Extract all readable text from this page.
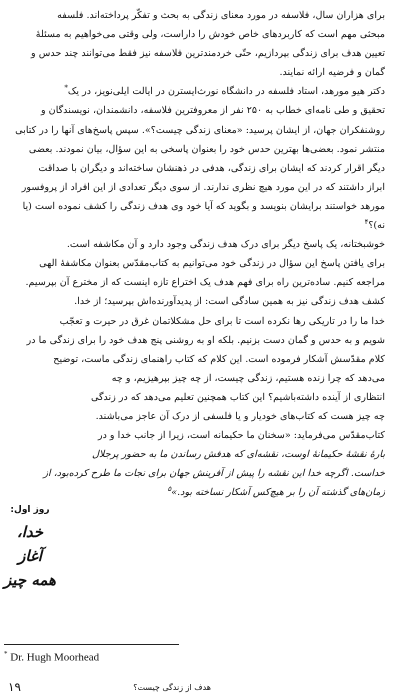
برای هزاران سال، فلاسفه در مورد معنای زندگی به بحث و تفکّر پرداخته‌اند. فلسفه
مبحثی مهم است که کاربردهای خاص خودش را داراست، ولی وقتی می‌خواهیم به مسئلهٔ
تعیین هدف برای زندگی بپردازیم، حتّی خردمندترین فلاسفه نیز فقط می‌توانند چند حدس و
گمان و فرضیه ارائه نمایند.

دکتر هیو مورهد، استاد فلسفه در دانشگاه نورث‌ایسترن در ایالت ایلی‌نویز، در یک*
تحقیق و طی نامه‌ای خطاب به ۲۵۰ نفر از معروفترین فلاسفه، دانشمندان، نویسندگان و
روشنفکران جهان، از ایشان پرسید: «معنای زندگی چیست؟». سپس پاسخ‌های آنها را در کتابی
منتشر نمود. بعضی‌ها بهترین حدس خود را بعنوان پاسخی به این سؤال، بیان نمودند. بعضی
دیگر اقرار کردند که ایشان برای زندگی، هدفی در ذهنشان ساخته‌اند و دیگران با صداقت
ابراز داشتند که در این مورد هیچ نظری ندارند. از سوی دیگر تعدادی از این افراد از پروفسور
مورهد خواستند برایشان بنویسد و بگوید که آیا خود وی هدف زندگی را کشف نموده است (یا
نه)؟$^۴$

خوشبختانه، یک پاسخ دیگر برای درک هدف زندگی وجود دارد و آن مکاشفه است.
برای یافتن پاسخ این سؤال در زندگی خود می‌توانیم به کتاب‌مقدّس بعنوان مکاشفهٔ الهی
مراجعه کنیم. ساده‌ترین راه برای فهم هدف یک اختراع تازه اینست که از مخترع آن بپرسیم.
کشف هدف زندگی نیز به همین سادگی است: از پدیدآورنده‌اش بپرسید؛ از خدا.

خدا ما را در تاریکی رها نکرده است تا برای حل مشکلاتمان غرق در حیرت و تعجّب
شویم و به حدس و گمان دست بزنیم. بلکه او به روشنی پنج هدف خود را برای زندگی ما در
کلام مقدّسش آشکار فرموده است. این کلام که کتاب راهنمای زندگی ماست، توضیح
می‌دهد که چرا زنده هستیم، زندگی چیست، از چه چیز بپرهیزیم، و چه
انتظاری از آینده داشته‌باشیم؟ این کتاب همچنین تعلیم می‌دهد که در زندگی
چه چیز هست که کتاب‌های خودیار و یا فلسفی از درک آن عاجز می‌باشند.
کتاب‌مقدّس می‌فرماید: «سخنان ما حکیمانه است، زیرا از جانب خدا و در
بارهٔ نقشهٔ حکیمانهٔ اوست، نقشه‌ای که هدفش رساندن ما به حضور پرجلال
خداست. اگرچه خدا این نقشه را پیش از آفرینش جهان برای نجات ما طرح کرده‌بود، از
زمان‌های گذشته آن را بر هیچ‌کس آشکار نساخته بود.»$^۵$

روز اول:
خدا،
آغاز
همه چیز
* Dr. Hugh Moorhead
۱۹	هدف از زندگی چیست؟
